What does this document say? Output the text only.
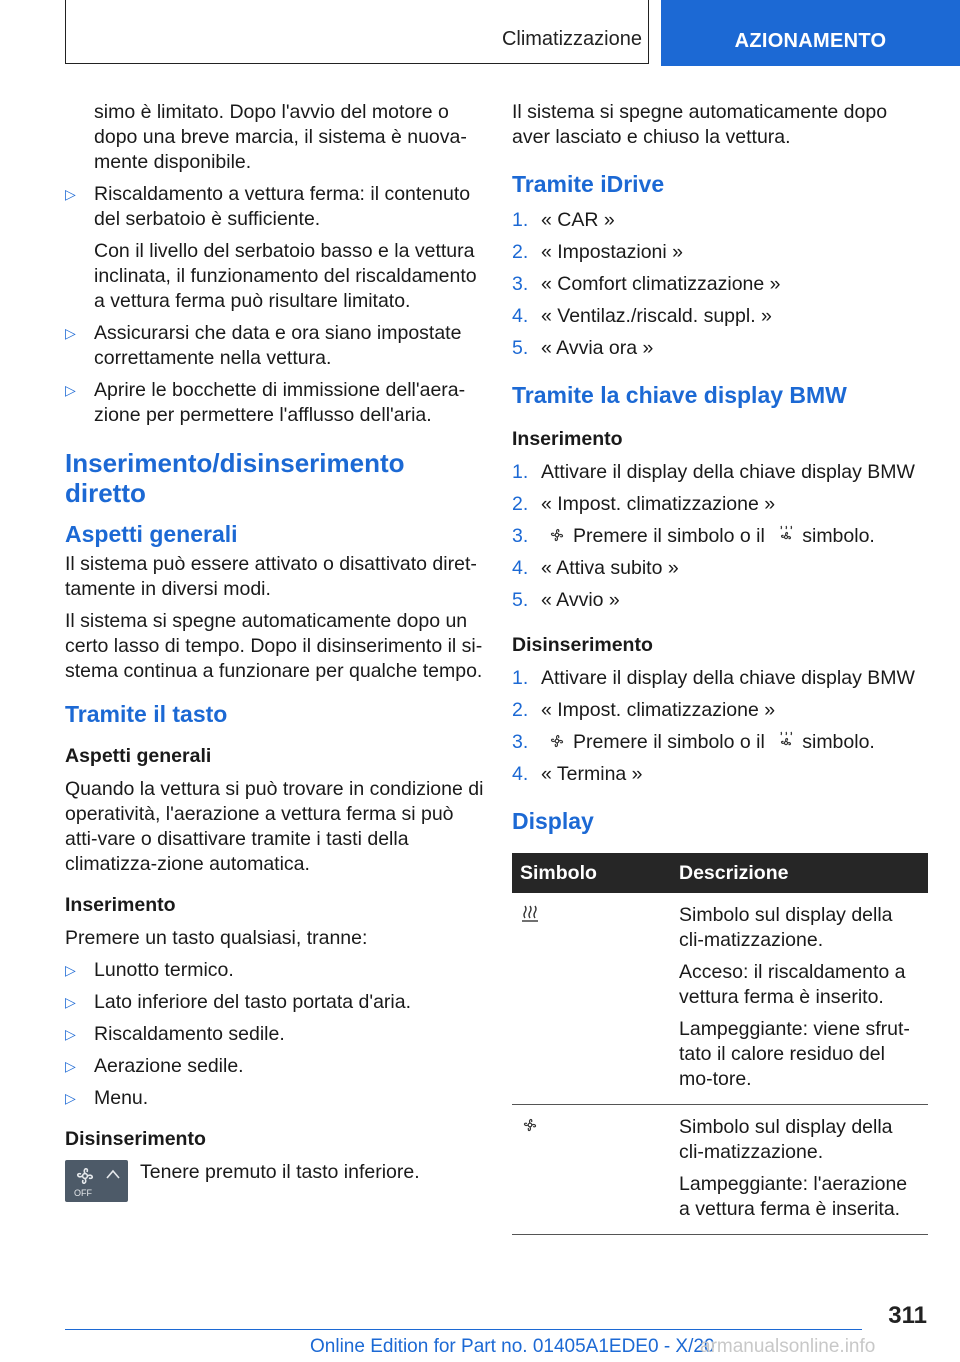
Climatizzazione	AZIONAMENTO

simo è limitato. Dopo l'avvio del motore o dopo una breve marcia, il sistema è nuova-mente disponibile.

▷ Riscaldamento a vettura ferma: il contenuto del serbatoio è sufficiente.

Con il livello del serbatoio basso e la vettura inclinata, il funzionamento del riscaldamento a vettura ferma può risultare limitato.

▷ Assicurarsi che data e ora siano impostate correttamente nella vettura.
▷ Aprire le bocchette di immissione dell'aera-zione per permettere l'afflusso dell'aria.
Inserimento/disinserimento diretto
Aspetti generali

Il sistema può essere attivato o disattivato diret-tamente in diversi modi.

Il sistema si spegne automaticamente dopo un certo lasso di tempo. Dopo il disinserimento il si-stema continua a funzionare per qualche tempo.

Tramite il tasto
Aspetti generali

Quando la vettura si può trovare in condizione di operatività, l'aerazione a vettura ferma si può atti-vare o disattivare tramite i tasti della climatizza-zione automatica.

Inserimento

Premere un tasto qualsiasi, tranne:

▷ Lunotto termico.
▷ Lato inferiore del tasto portata d'aria.
▷ Riscaldamento sedile.
▷ Aerazione sedile.
▷ Menu.
Disinserimento
OFF
Tenere premuto il tasto inferiore.

Il sistema si spegne automaticamente dopo aver lasciato e chiuso la vettura.

Tramite iDrive
1. « CAR »
2. « Impostazioni »
3. « Comfort climatizzazione »
4. « Ventilaz./riscald. suppl. »
5. « Avvia ora »
Tramite la chiave display BMW
Inserimento
1. Attivare il display della chiave display BMW
2. « Impost. climatizzazione »
3. Premere il simbolo o il simbolo.
4. « Attiva subito »
5. « Avvio »
Disinserimento
1. Attivare il display della chiave display BMW
2. « Impost. climatizzazione »
3. Premere il simbolo o il simbolo.
4. « Termina »
Display
Simbolo	Descrizione

Simbolo sul display della cli-matizzazione.

Acceso: il riscaldamento a vettura ferma è inserito.

Lampeggiante: viene sfrut-tato il calore residuo del mo-tore.

Simbolo sul display della cli-matizzazione.

Lampeggiante: l'aerazione a vettura ferma è inserita.

311
Online Edition for Part no. 01405A1EDE0 - X/20
armanualsonline.info
